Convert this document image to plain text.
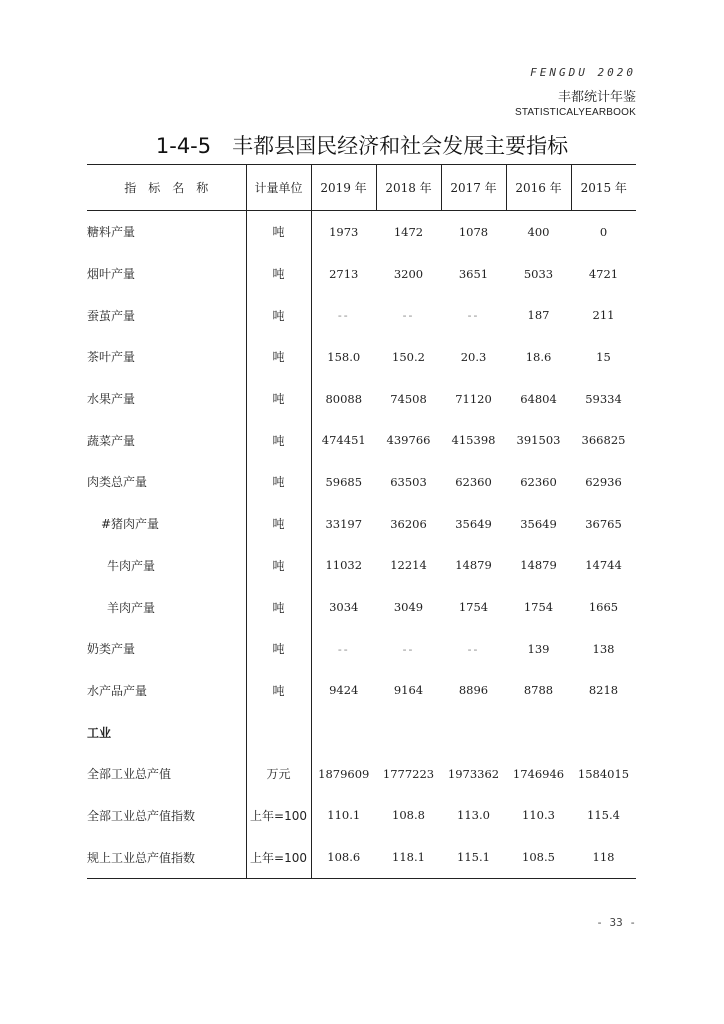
FENGDU 2020
丰都统计年鉴
STATISTICALYEARBOOK
1-4-5　丰都县国民经济和社会发展主要指标
指　标　名　称	计量单位	2019 年	2018 年	2017 年	2016 年	2015 年
糖料产量	吨	1973	1472	1078	400	0
烟叶产量	吨	2713	3200	3651	5033	4721
蚕茧产量	吨	--	--	--	187	211
茶叶产量	吨	158.0	150.2	20.3	18.6	15
水果产量	吨	80088	74508	71120	64804	59334
蔬菜产量	吨	474451	439766	415398	391503	366825
肉类总产量	吨	59685	63503	62360	62360	62936
#猪肉产量	吨	33197	36206	35649	35649	36765
牛肉产量	吨	11032	12214	14879	14879	14744
羊肉产量	吨	3034	3049	1754	1754	1665
奶类产量	吨	--	--	--	139	138
水产品产量	吨	9424	9164	8896	8788	8218
工业						
全部工业总产值	万元	1879609	1777223	1973362	1746946	1584015
全部工业总产值指数	上年=100	110.1	108.8	113.0	110.3	115.4
规上工业总产值指数	上年=100	108.6	118.1	115.1	108.5	118
- 33 -
